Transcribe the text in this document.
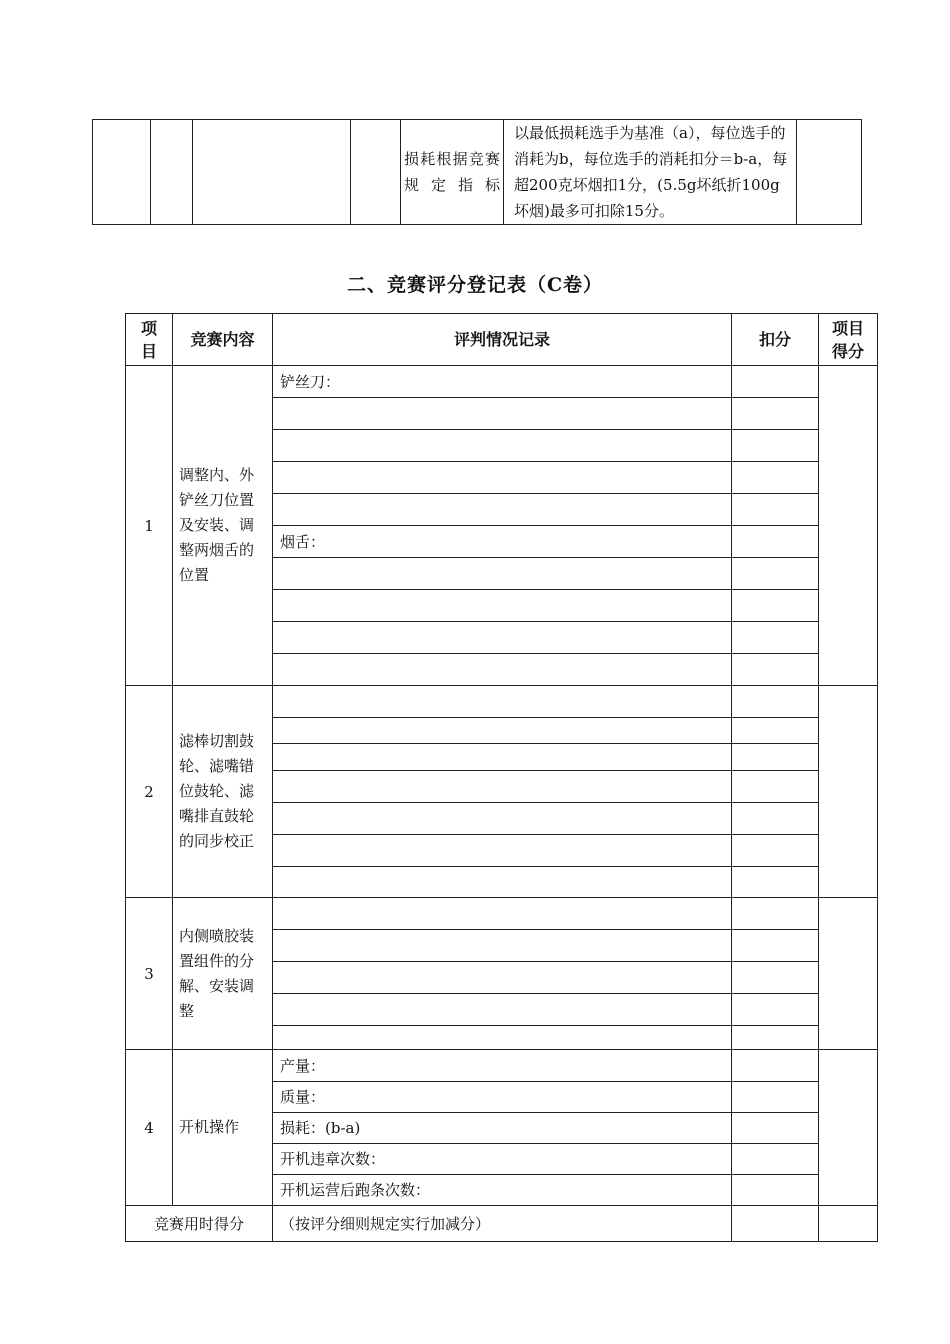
				损耗根据竞赛规定指标	以最低损耗选手为基准（a），每位选手的消耗为b，每位选手的消耗扣分＝b-a，每超200克坏烟扣1分，(5.5g坏纸折100g坏烟)最多可扣除15分。	
二、竞赛评分登记表（C卷）
项目	竞赛内容	评判情况记录	扣分	项目得分
1	调整内、外铲丝刀位置及安装、调整两烟舌的位置	铲丝刀：		

		烟舌：		

2	滤棒切割鼓轮、滤嘴错位鼓轮、滤嘴排直鼓轮的同步校正			

3	内侧喷胶装置组件的分解、安装调整			

4	开机操作	产量：		
		质量：		
		损耗：(b-a)		
		开机违章次数：		
		开机运营后跑条次数：		
竞赛用时得分		（按评分细则规定实行加减分）		
